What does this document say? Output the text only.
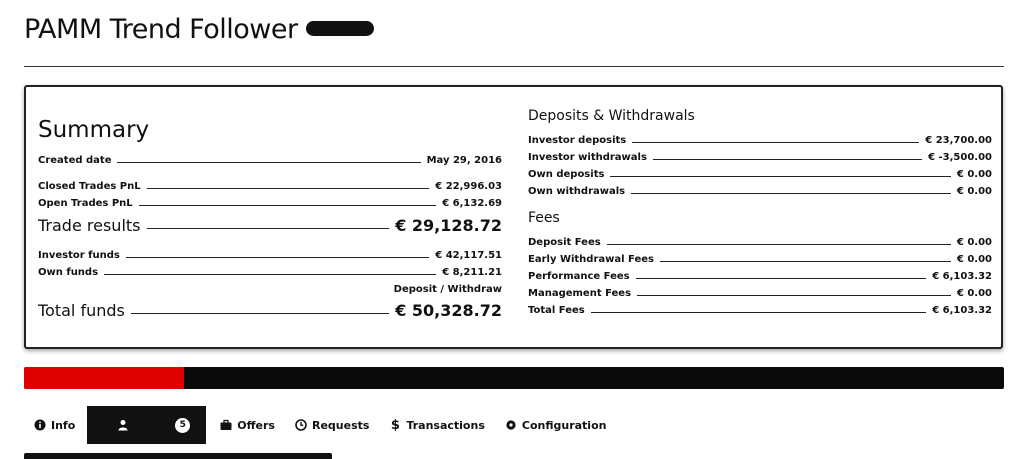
PAMM Trend Follower
Summary
Created date	May 29, 2016
Closed Trades PnL	€ 22,996.03
Open Trades PnL	€ 6,132.69
Trade results	€ 29,128.72
Investor funds	€ 42,117.51
Own funds	€ 8,211.21
Deposit / Withdraw
Total funds	€ 50,328.72
Deposits & Withdrawals
Investor deposits	€ 23,700.00
Investor withdrawals	€ -3,500.00
Own deposits	€ 0.00
Own withdrawals	€ 0.00
Fees
Deposit Fees	€ 0.00
Early Withdrawal Fees	€ 0.00
Performance Fees	€ 6,103.32
Management Fees	€ 0.00
Total Fees	€ 6,103.32
Info	5	Offers	Requests $ Transactions	Configuration
